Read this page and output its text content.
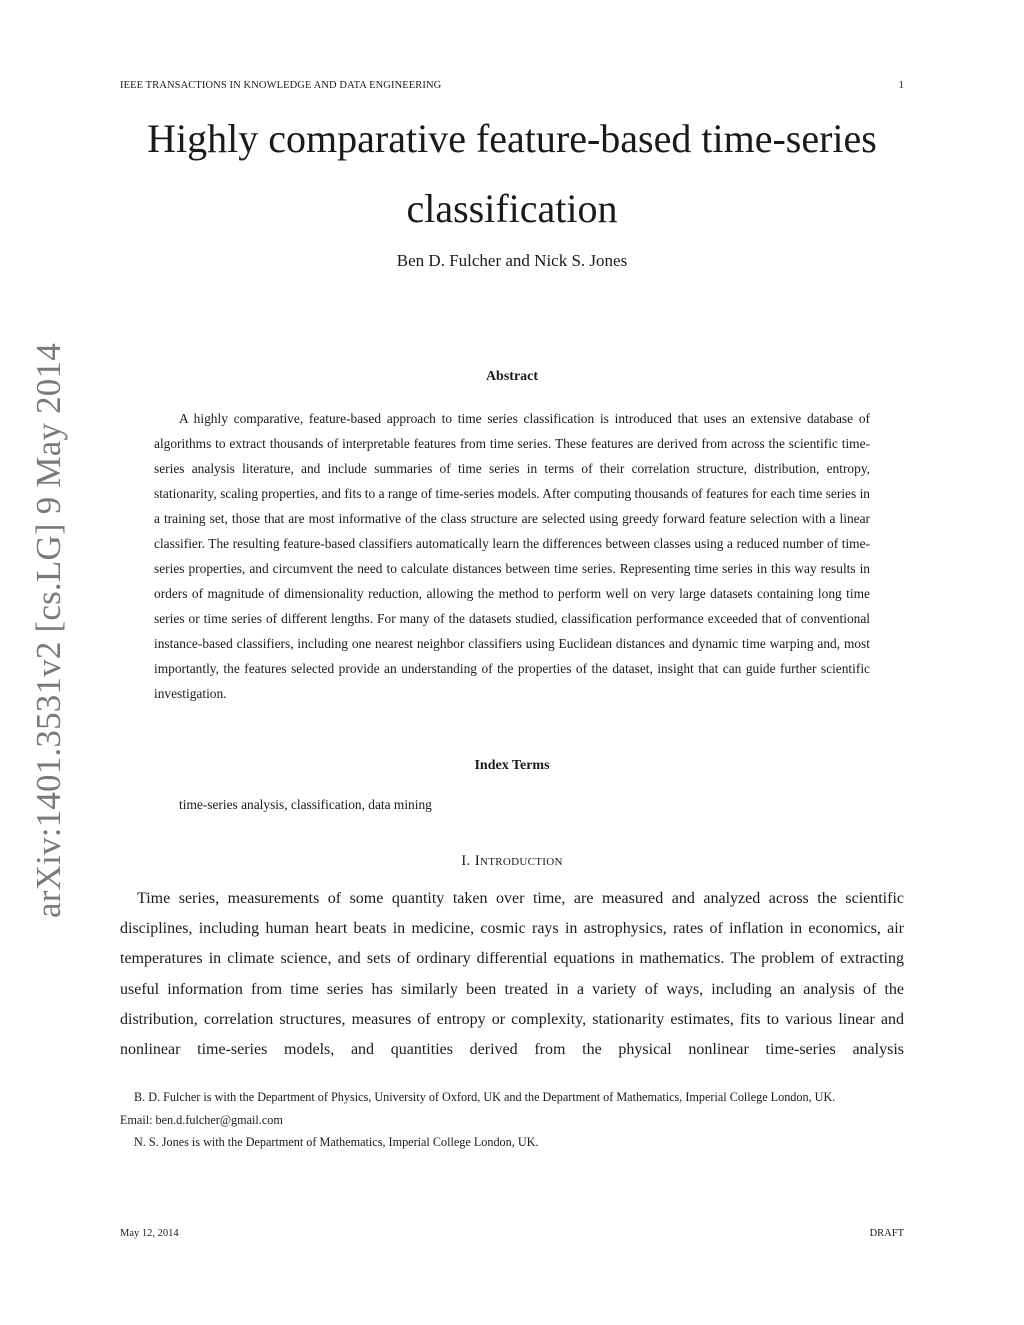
IEEE TRANSACTIONS IN KNOWLEDGE AND DATA ENGINEERING	1
Highly comparative feature-based time-series
classification
Ben D. Fulcher and Nick S. Jones
arXiv:1401.3531v2 [cs.LG] 9 May 2014	Abstract

A highly comparative, feature-based approach to time series classification is introduced that uses an extensive database of algorithms to extract thousands of interpretable features from time series. These features are derived from across the scientific time-series analysis literature, and include summaries of time series in terms of their correlation structure, distribution, entropy, stationarity, scaling properties, and fits to a range of time-series models. After computing thousands of features for each time series in a training set, those that are most informative of the class structure are selected using greedy forward feature selection with a linear classifier. The resulting feature-based classifiers automatically learn the differences between classes using a reduced number of time-series properties, and circumvent the need to calculate distances between time series. Representing time series in this way results in orders of magnitude of dimensionality reduction, allowing the method to perform well on very large datasets containing long time series or time series of different lengths. For many of the datasets studied, classification performance exceeded that of conventional instance-based classifiers, including one nearest neighbor classifiers using Euclidean distances and dynamic time warping and, most importantly, the features selected provide an understanding of the properties of the dataset, insight that can guide further scientific investigation.

Index Terms
time-series analysis, classification, data mining
I. Introduction

Time series, measurements of some quantity taken over time, are measured and analyzed across the scientific disciplines, including human heart beats in medicine, cosmic rays in astrophysics, rates of inflation in economics, air temperatures in climate science, and sets of ordinary differential equations in mathematics. The problem of extracting useful information from time series has similarly been treated in a variety of ways, including an analysis of the distribution, correlation structures, measures of entropy or complexity, stationarity estimates, fits to various linear and nonlinear time-series models, and quantities derived from the physical nonlinear time-series analysis

B. D. Fulcher is with the Department of Physics, University of Oxford, UK and the Department of Mathematics, Imperial College London, UK.

Email: ben.d.fulcher@gmail.com

N. S. Jones is with the Department of Mathematics, Imperial College London, UK.

May 12, 2014	DRAFT
